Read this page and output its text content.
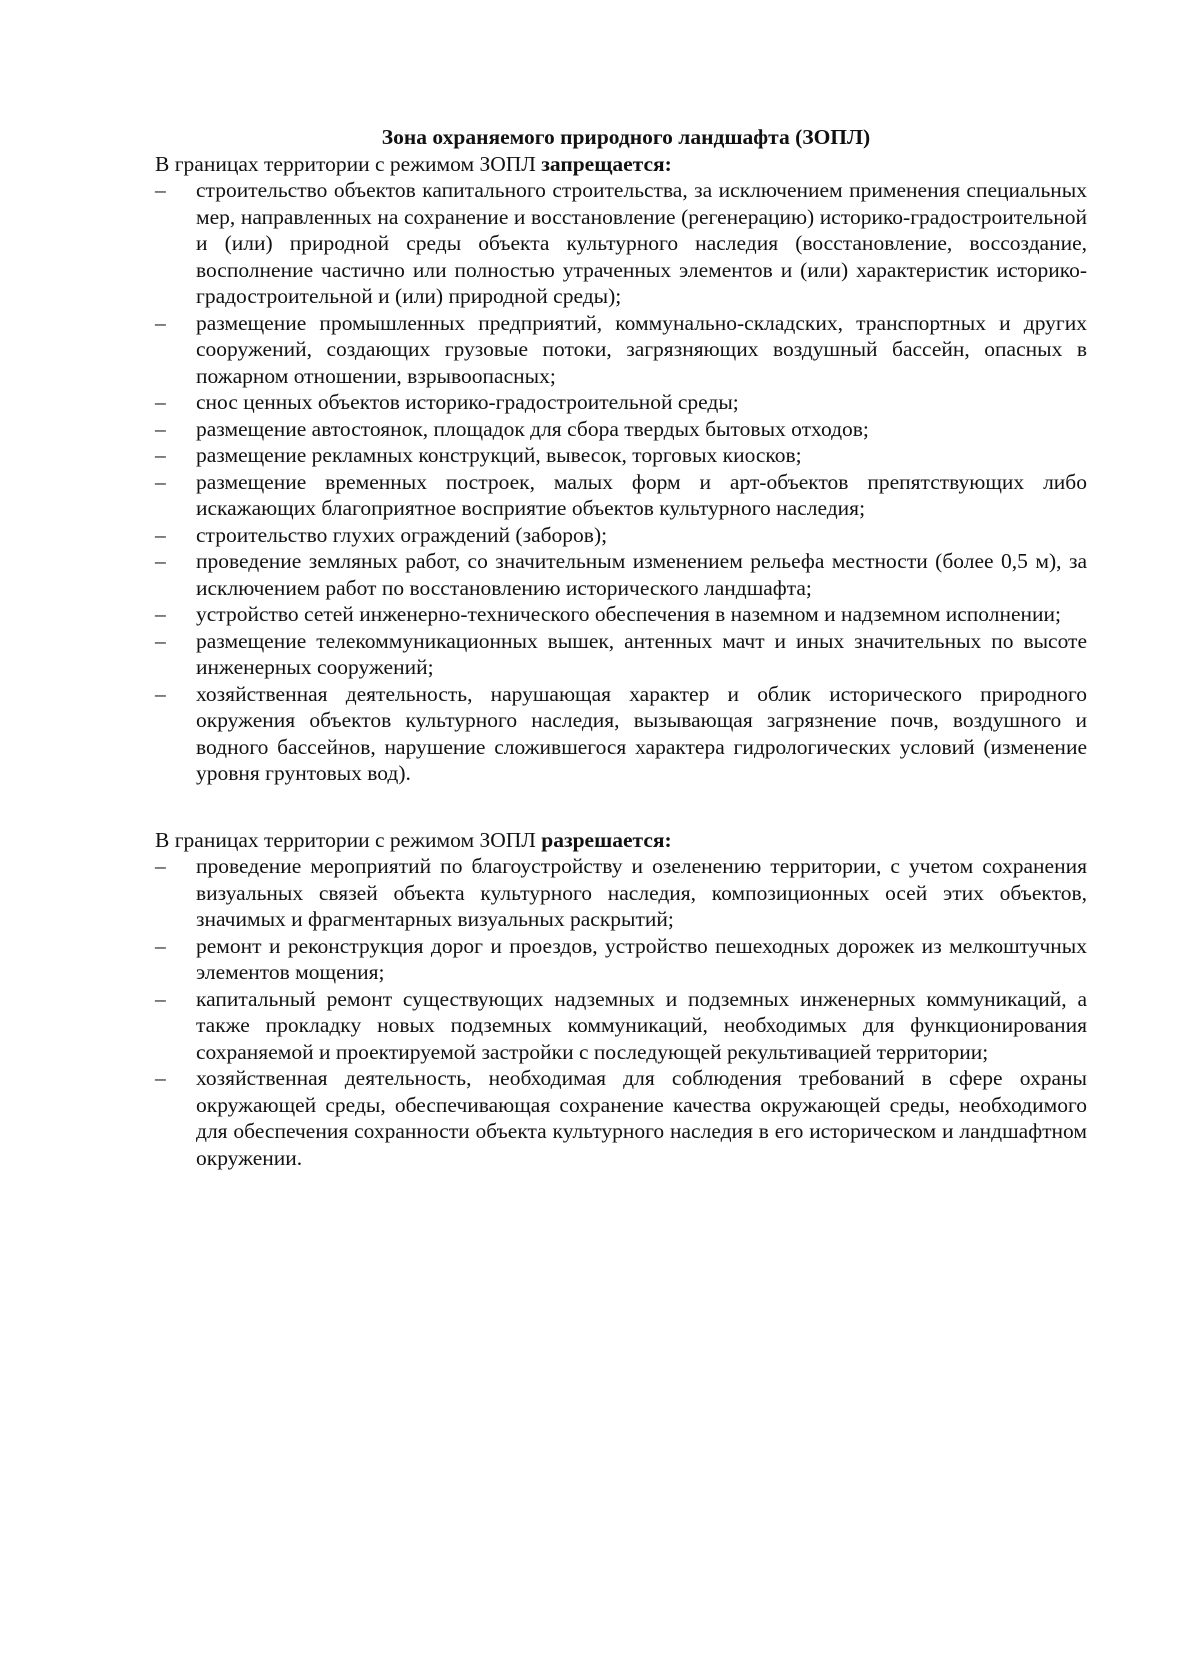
Зона охраняемого природного ландшафта (ЗОПЛ)

В границах территории с режимом ЗОПЛ запрещается:

–	строительство объектов капитального строительства, за исключением применения специальных мер, направленных на сохранение и восстановление (регенерацию) историко-градостроительной и (или) природной среды объекта культурного наследия (восстановление, воссоздание, восполнение частично или полностью утраченных элементов и (или) характеристик историко-градостроительной и (или) природной среды);
–	размещение промышленных предприятий, коммунально-складских, транспортных и других сооружений, создающих грузовые потоки, загрязняющих воздушный бассейн, опасных в пожарном отношении, взрывоопасных;
–	снос ценных объектов историко-градостроительной среды;
–	размещение автостоянок, площадок для сбора твердых бытовых отходов;
–	размещение рекламных конструкций, вывесок, торговых киосков;
–	размещение временных построек, малых форм и арт-объектов препятствующих либо искажающих благоприятное восприятие объектов культурного наследия;
–	строительство глухих ограждений (заборов);
–	проведение земляных работ, со значительным изменением рельефа местности (более 0,5 м), за исключением работ по восстановлению исторического ландшафта;
–	устройство сетей инженерно-технического обеспечения в наземном и надземном исполнении;
–	размещение телекоммуникационных вышек, антенных мачт и иных значительных по высоте инженерных сооружений;
–	хозяйственная деятельность, нарушающая характер и облик исторического природного окружения объектов культурного наследия, вызывающая загрязнение почв, воздушного и водного бассейнов, нарушение сложившегося характера гидрологических условий (изменение уровня грунтовых вод).

В границах территории с режимом ЗОПЛ разрешается:

–	проведение мероприятий по благоустройству и озеленению территории, с учетом сохранения визуальных связей объекта культурного наследия, композиционных осей этих объектов, значимых и фрагментарных визуальных раскрытий;
–	ремонт и реконструкция дорог и проездов, устройство пешеходных дорожек из мелкоштучных элементов мощения;
–	капитальный ремонт существующих надземных и подземных инженерных коммуникаций, а также прокладку новых подземных коммуникаций, необходимых для функционирования сохраняемой и проектируемой застройки с последующей рекультивацией территории;
–	хозяйственная деятельность, необходимая для соблюдения требований в сфере охраны окружающей среды, обеспечивающая сохранение качества окружающей среды, необходимого для обеспечения сохранности объекта культурного наследия в его историческом и ландшафтном окружении.
